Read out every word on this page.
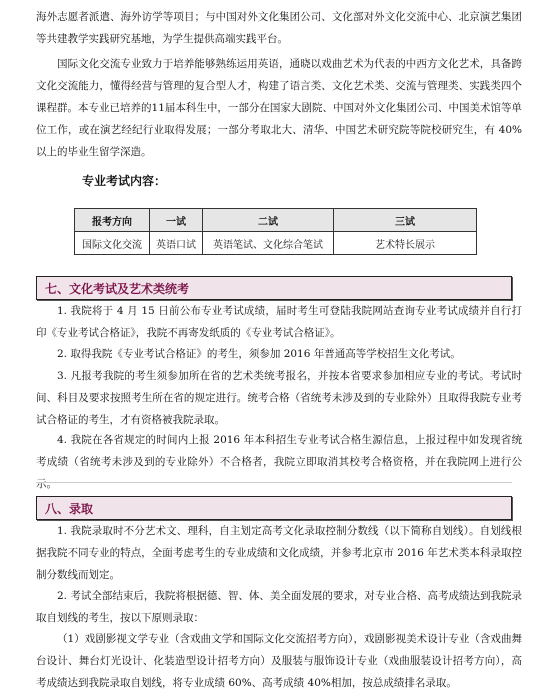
海外志愿者派遣、海外访学等项目；与中国对外文化集团公司、文化部对外文化交流中心、北京演艺集团等共建教学实践研究基地，为学生提供高端实践平台。

国际文化交流专业致力于培养能够熟练运用英语，通晓以戏曲艺术为代表的中西方文化艺术，具备跨文化交流能力，懂得经营与管理的复合型人才，构建了语言类、文化艺术类、交流与管理类、实践类四个课程群。本专业已培养的11届本科生中，一部分在国家大剧院、中国对外文化集团公司、中国美术馆等单位工作，或在演艺经纪行业取得发展；一部分考取北大、清华、中国艺术研究院等院校研究生，有 40%以上的毕业生留学深造。

专业考试内容：

报考方向	一试	二试	三试
国际文化交流	英语口试	英语笔试、文化综合笔试	艺术特长展示
七、文化考试及艺术类统考

1. 我院将于 4 月 15 日前公布专业考试成绩，届时考生可登陆我院网站查询专业考试成绩并自行打印《专业考试合格证》，我院不再寄发纸质的《专业考试合格证》。

2. 取得我院《专业考试合格证》的考生，须参加 2016 年普通高等学校招生文化考试。

3. 凡报考我院的考生须参加所在省的艺术类统考报名，并按本省要求参加相应专业的考试。考试时间、科目及要求按照考生所在省的规定进行。统考合格（省统考未涉及到的专业除外）且取得我院专业考试合格证的考生，才有资格被我院录取。

4. 我院在各省规定的时间内上报 2016 年本科招生专业考试合格生源信息，上报过程中如发现省统考成绩（省统考未涉及到的专业除外）不合格者，我院立即取消其校考合格资格，并在我院网上进行公示。

八、录取

1. 我院录取时不分艺术文、理科，自主划定高考文化录取控制分数线（以下简称自划线）。自划线根据我院不同专业的特点，全面考虑考生的专业成绩和文化成绩，并参考北京市 2016 年艺术类本科录取控制分数线而划定。

2. 考试全部结束后，我院将根据德、智、体、美全面发展的要求，对专业合格、高考成绩达到我院录取自划线的考生，按以下原则录取：

（1）戏剧影视文学专业（含戏曲文学和国际文化交流招考方向），戏剧影视美术设计专业（含戏曲舞台设计、舞台灯光设计、化装造型设计招考方向）及服装与服饰设计专业（戏曲服装设计招考方向），高考成绩达到我院录取自划线，将专业成绩 60%、高考成绩 40%相加，按总成绩排名录取。
